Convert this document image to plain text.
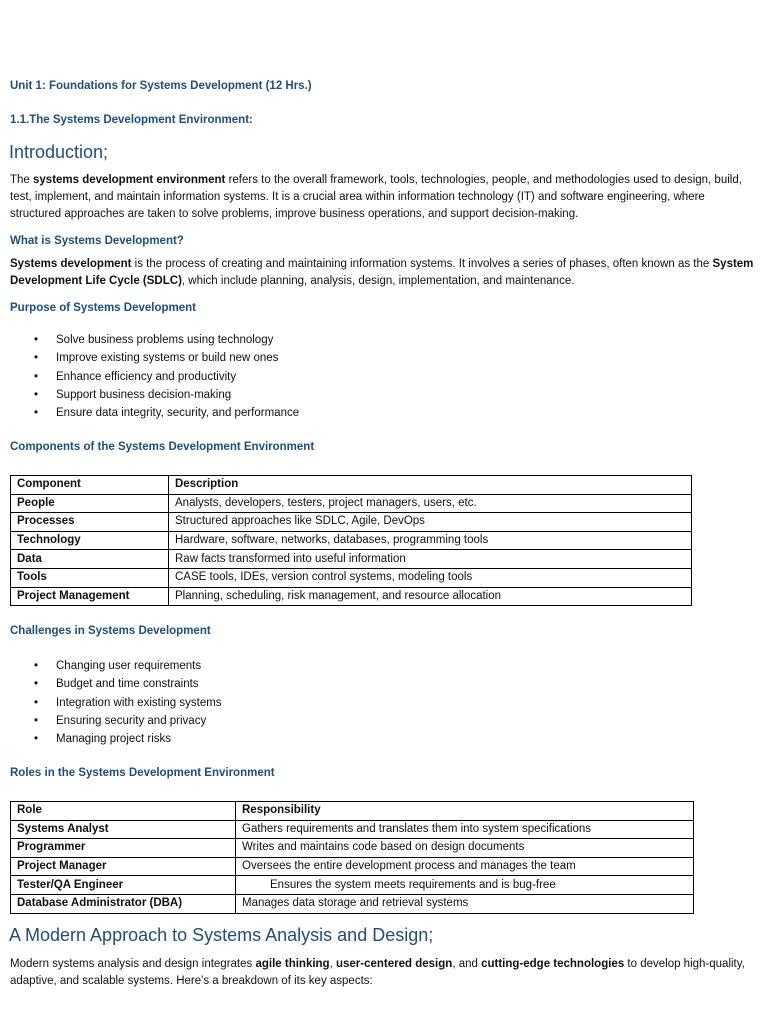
Unit 1: Foundations for Systems Development (12 Hrs.)
1.1.The Systems Development Environment:
Introduction;
The systems development environment refers to the overall framework, tools, technologies, people, and methodologies used to design, build, test, implement, and maintain information systems. It is a crucial area within information technology (IT) and software engineering, where structured approaches are taken to solve problems, improve business operations, and support decision-making.
What is Systems Development?
Systems development is the process of creating and maintaining information systems. It involves a series of phases, often known as the System Development Life Cycle (SDLC), which include planning, analysis, design, implementation, and maintenance.
Purpose of Systems Development
• Solve business problems using technology
• Improve existing systems or build new ones
• Enhance efficiency and productivity
• Support business decision-making
• Ensure data integrity, security, and performance
Components of the Systems Development Environment
Component	Description
People	Analysts, developers, testers, project managers, users, etc.
Processes	Structured approaches like SDLC, Agile, DevOps
Technology	Hardware, software, networks, databases, programming tools
Data	Raw facts transformed into useful information
Tools	CASE tools, IDEs, version control systems, modeling tools
Project Management	Planning, scheduling, risk management, and resource allocation
Challenges in Systems Development
• Changing user requirements
• Budget and time constraints
• Integration with existing systems
• Ensuring security and privacy
• Managing project risks
Roles in the Systems Development Environment
Role	Responsibility
Systems Analyst	Gathers requirements and translates them into system specifications
Programmer	Writes and maintains code based on design documents
Project Manager	Oversees the entire development process and manages the team
Tester/QA Engineer	Ensures the system meets requirements and is bug-free
Database Administrator (DBA)	Manages data storage and retrieval systems
A Modern Approach to Systems Analysis and Design;
Modern systems analysis and design integrates agile thinking, user-centered design, and cutting-edge technologies to develop high-quality, adaptive, and scalable systems. Here's a breakdown of its key aspects:
